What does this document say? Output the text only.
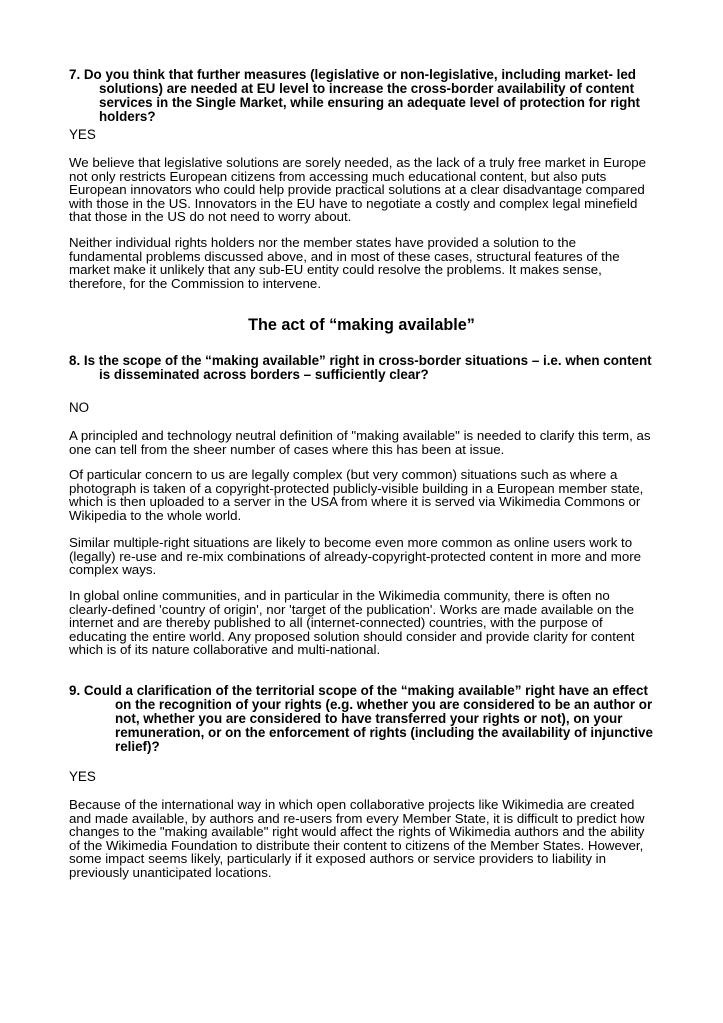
7. Do you think that further measures (legislative or non-legislative, including market- led
solutions) are needed at EU level to increase the cross-border availability of content services in the Single Market, while ensuring an adequate level of protection for right holders?
YES

We believe that legislative solutions are sorely needed, as the lack of a truly free market in Europe not only restricts European citizens from accessing much educational content, but also puts European innovators who could help provide practical solutions at a clear disadvantage compared with those in the US. Innovators in the EU have to negotiate a costly and complex legal minefield that those in the US do not need to worry about.

Neither individual rights holders nor the member states have provided a solution to the fundamental problems discussed above, and in most of these cases, structural features of the market make it unlikely that any sub-EU entity could resolve the problems. It makes sense, therefore, for the Commission to intervene.

The act of “making available”
8. Is the scope of the “making available” right in cross-border situations – i.e. when content
is disseminated across borders – sufficiently clear?
NO

A principled and technology neutral definition of "making available" is needed to clarify this term, as one can tell from the sheer number of cases where this has been at issue.

Of particular concern to us are legally complex (but very common) situations such as where a photograph is taken of a copyright-protected publicly-visible building in a European member state, which is then uploaded to a server in the USA from where it is served via Wikimedia Commons or Wikipedia to the whole world.

Similar multiple-right situations are likely to become even more common as online users work to (legally) re-use and re-mix combinations of already-copyright-protected content in more and more complex ways.

In global online communities, and in particular in the Wikimedia community, there is often no clearly-defined 'country of origin', nor 'target of the publication'. Works are made available on the internet and are thereby published to all (internet-connected) countries, with the purpose of educating the entire world. Any proposed solution should consider and provide clarity for content which is of its nature collaborative and multi-national.

9. Could a clarification of the territorial scope of the “making available” right have an effect
on the recognition of your rights (e.g. whether you are considered to be an author or not, whether you are considered to have transferred your rights or not), on your remuneration, or on the enforcement of rights (including the availability of injunctive relief)?
YES

Because of the international way in which open collaborative projects like Wikimedia are created and made available, by authors and re-users from every Member State, it is difficult to predict how changes to the "making available" right would affect the rights of Wikimedia authors and the ability of the Wikimedia Foundation to distribute their content to citizens of the Member States. However, some impact seems likely, particularly if it exposed authors or service providers to liability in previously unanticipated locations.
